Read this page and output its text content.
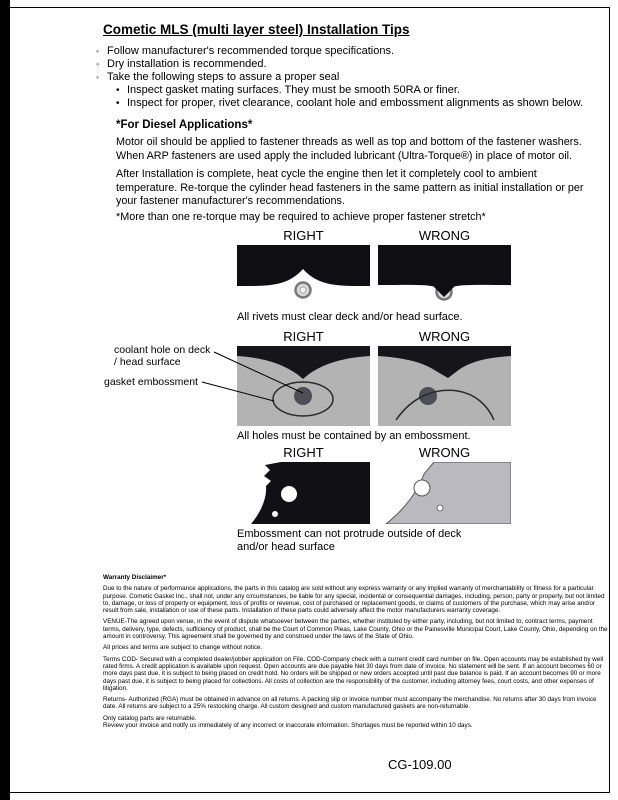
Cometic MLS (multi layer steel) Installation Tips
◦ Follow manufacturer's recommended torque specifications.
◦ Dry installation is recommended.
◦ Take the following steps to assure a proper seal
• Inspect gasket mating surfaces. They must be smooth 50RA or finer.
• Inspect for proper, rivet clearance, coolant hole and embossment alignments as shown below.
*For Diesel Applications*
Motor oil should be applied to fastener threads as well as top and bottom of the fastener washers. When ARP fasteners are used apply the included lubricant (Ultra-Torque®) in place of motor oil.
After Installation is complete, heat cycle the engine then let it completely cool to ambient temperature. Re-torque the cylinder head fasteners in the same pattern as initial installation or per your fastener manufacturer's recommendations.
*More than one re-torque may be required to achieve proper fastener stretch*
RIGHT	WRONG
All rivets must clear deck and/or head surface.
RIGHT	WRONG
All holes must be contained by an embossment.
coolant hole on deck / head surface
gasket embossment
RIGHT	WRONG
Embossment can not protrude outside of deck and/or head surface
Warranty Disclaimer*

Due to the nature of performance applications, the parts in this catalog are sold without any express warranty or any implied warranty of merchantability or fitness for a particular purpose. Cometic Gasket Inc., shall not, under any circumstances, be liable for any special, incidental or consequential damages, including, person, party or property, but not limited to, damage, or loss of property or equipment, loss of profits or revenue, cost of purchased or replacement goods, or claims of customers of the purchase, which may arise and/or result from sale, installation or use of these parts. Installation of these parts could adversely affect the motor manufacturers warranty coverage.

VENUE-The agreed upon venue, in the event of dispute whatsoever between the parties, whether instituted by either party, including, but not limited to, contract terms, payment terms, delivery, type, defects, sufficiency of product, shall be the Court of Common Pleas, Lake County, Ohio or the Painesville Municipal Court, Lake County, Ohio, depending on the amount in controversy. This agreement shall be governed by and construed under the laws of the State of Ohio.

All prices and terms are subject to change without notice.

Terms COD- Secured with a completed dealer/jobber application on File, COD-Company check with a current credit card number on file. Open accounts may be established by well rated firms. A credit application is available upon request. Open accounts are due payable Net 30 days from date of invoice. No statement will be sent. If an account becomes 60 or more days past due, it is subject to being placed on credit hold. No orders will be shipped or new orders accepted until past due balance is paid. If an account becomes 90 or more days past due, it is subject to being placed for collections. All costs of collection are the responsibility of the customer, including attorney fees, court costs, and other expenses of litigation.

Returns- Authorized (RGA) must be obtained in advance on all returns. A packing slip or invoice number must accompany the merchandise. No returns after 30 days from invoice date. All returns are subject to a 25% restocking charge. All custom designed and custom manufactured gaskets are non-returnable.

Only catalog parts are returnable.

Review your invoice and notify us immediately of any incorrect or inaccurate information. Shortages must be reported within 10 days.

CG-109.00
